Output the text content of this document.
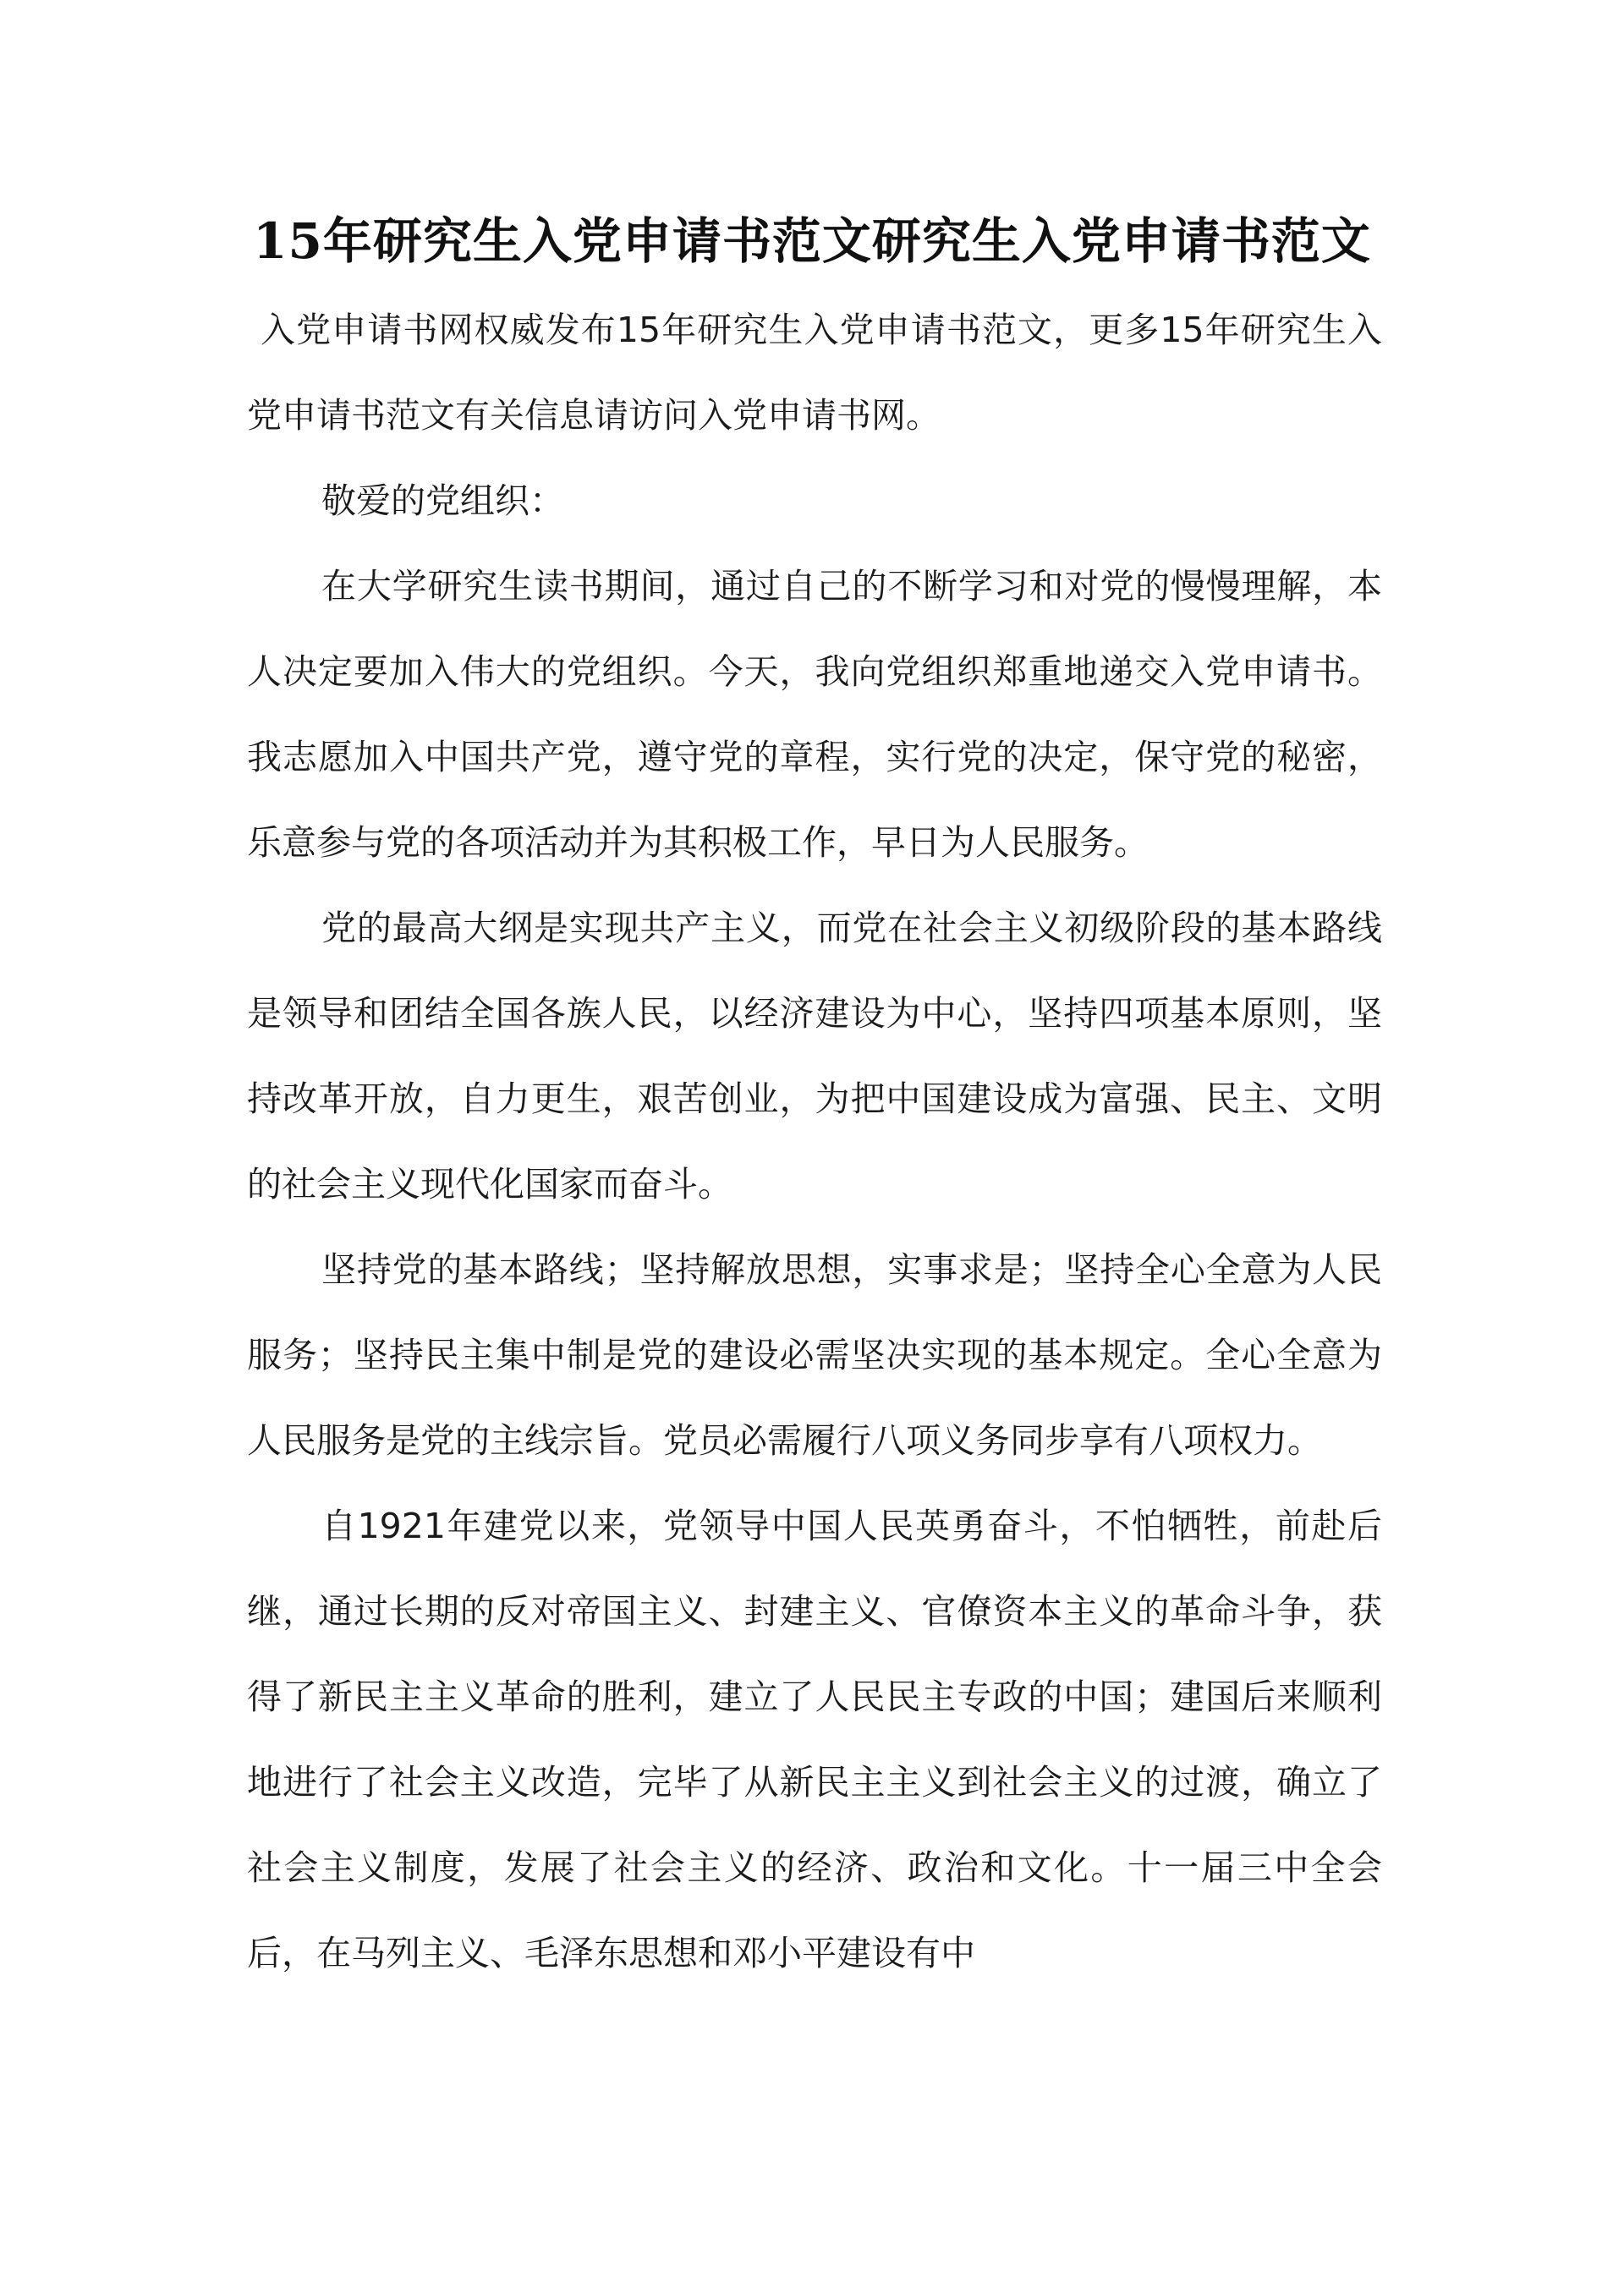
15年研究生入党申请书范文研究生入党申请书范文

入党申请书网权威发布15年研究生入党申请书范文，更多15年研究生入党申请书范文有关信息请访问入党申请书网。

敬爱的党组织：

在大学研究生读书期间，通过自己的不断学习和对党的慢慢理解，本人决定要加入伟大的党组织。今天，我向党组织郑重地递交入党申请书。我志愿加入中国共产党，遵守党的章程，实行党的决定，保守党的秘密，乐意参与党的各项活动并为其积极工作，早日为人民服务。

党的最高大纲是实现共产主义，而党在社会主义初级阶段的基本路线是领导和团结全国各族人民，以经济建设为中心，坚持四项基本原则，坚持改革开放，自力更生，艰苦创业，为把中国建设成为富强、民主、文明的社会主义现代化国家而奋斗。

坚持党的基本路线；坚持解放思想，实事求是；坚持全心全意为人民服务；坚持民主集中制是党的建设必需坚决实现的基本规定。全心全意为人民服务是党的主线宗旨。党员必需履行八项义务同步享有八项权力。

自1921年建党以来，党领导中国人民英勇奋斗，不怕牺牲，前赴后继，通过长期的反对帝国主义、封建主义、官僚资本主义的革命斗争，获得了新民主主义革命的胜利，建立了人民民主专政的中国；建国后来顺利地进行了社会主义改造，完毕了从新民主主义到社会主义的过渡，确立了社会主义制度，发展了社会主义的经济、政治和文化。十一届三中全会后，在马列主义、毛泽东思想和邓小平建设有中
